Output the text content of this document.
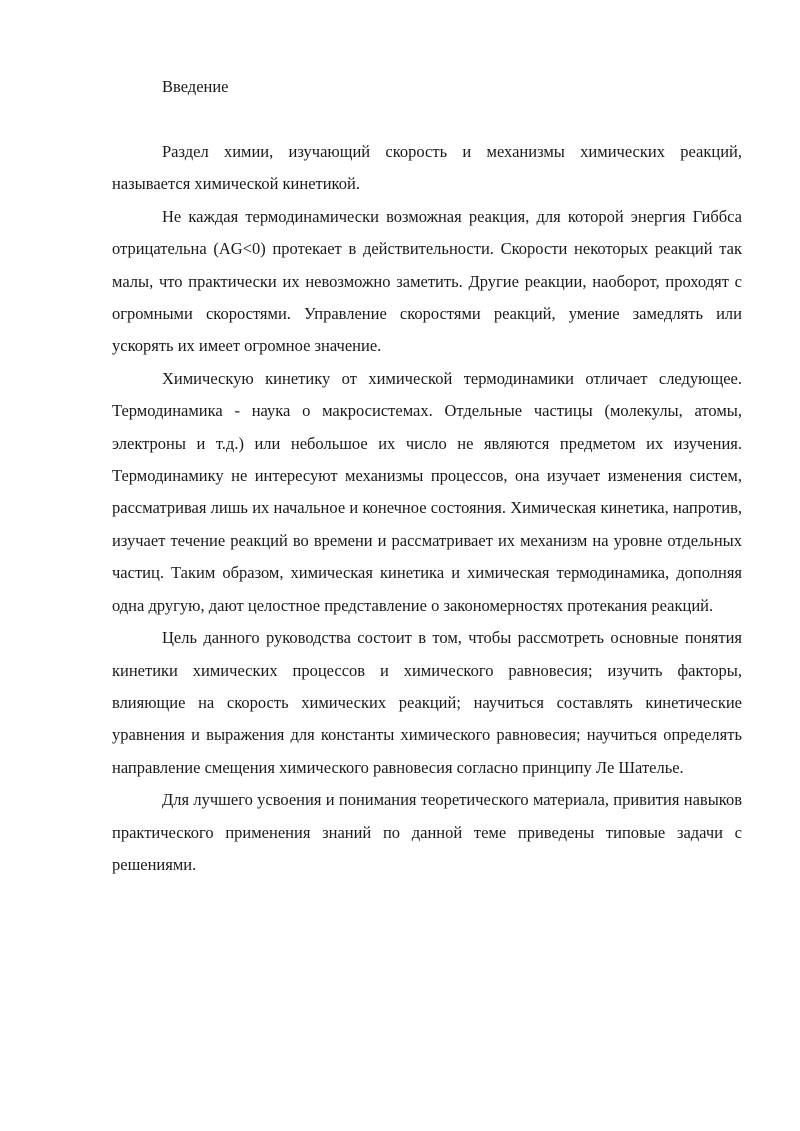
Введение

Раздел химии, изучающий скорость и механизмы химических реакций, называется химической кинетикой.

Не каждая термодинамически возможная реакция, для которой энергия Гиббса отрицательна (AG<0) протекает в действительности. Скорости некоторых реакций так малы, что практически их невозможно заметить. Другие реакции, наоборот, проходят с огромными скоростями. Управление скоростями реакций, умение замедлять или ускорять их имеет огромное значение.

Химическую кинетику от химической термодинамики отличает следующее. Термодинамика - наука о макросистемах. Отдельные частицы (молекулы, атомы, электроны и т.д.) или небольшое их число не являются предметом их изучения. Термодинамику не интересуют механизмы процессов, она изучает изменения систем, рассматривая лишь их начальное и конечное состояния. Химическая кинетика, напротив, изучает течение реакций во времени и рассматривает их механизм на уровне отдельных частиц. Таким образом, химическая кинетика и химическая термодинамика, дополняя одна другую, дают целостное представление о закономерностях протекания реакций.

Цель данного руководства состоит в том, чтобы рассмотреть основные понятия кинетики химических процессов и химического равновесия; изучить факторы, влияющие на скорость химических реакций; научиться составлять кинетические уравнения и выражения для константы химического равновесия; научиться определять направление смещения химического равновесия согласно принципу Ле Шателье.

Для лучшего усвоения и понимания теоретического материала, привития навыков практического применения знаний по данной теме приведены типовые задачи с решениями.
